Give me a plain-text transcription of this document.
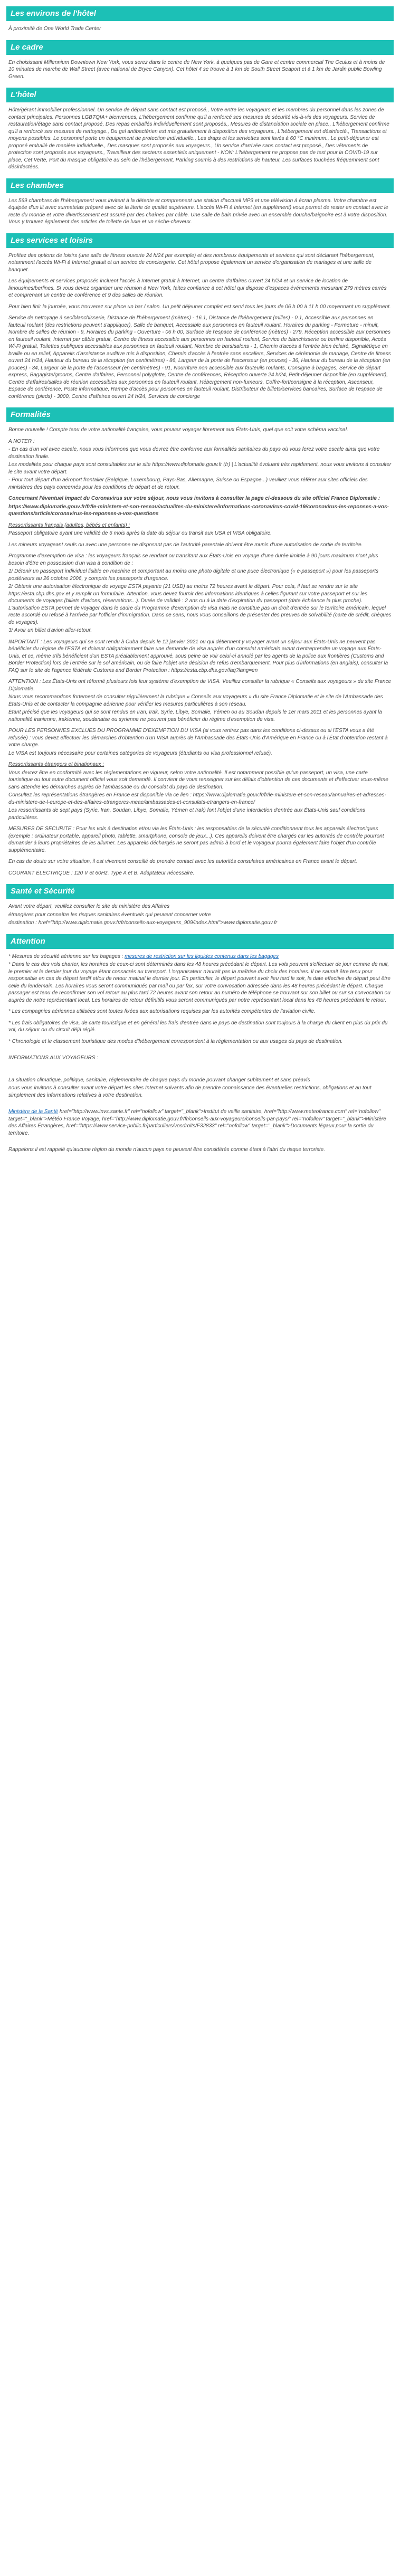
Les environs de l'hôtel

À proximité de One World Trade Center

Le cadre

En choisissant Millennium Downtown New York, vous serez dans le centre de New York, à quelques pas de Gare et centre commercial The Oculus et à moins de 10 minutes de marche de Wall Street (avec national de Bryce Canyon). Cet hôtel 4 se trouve à 1 km de South Street Seaport et à 1 km de Jardin public Bowling Green.

L'hôtel

Hôte/gérant immobilier professionnel. Un service de départ sans contact est proposé., Votre entre les voyageurs et les membres du personnel dans les zones de contact principales. Personnes LGBTQIA+ bienvenues, L'hébergement confirme qu'il a renforcé ses mesures de sécurité vis-à-vis des voyageurs. Service de restauration/étage sans contact proposé, Des repas emballés individuellement sont proposés., Mesures de distanciation sociale en place., L'hébergement confirme qu'il a renforcé ses mesures de nettoyage., Du gel antibactérien est mis gratuitement à disposition des voyageurs., L'hébergement est désinfecté., Transactions et moyens possibles. Le personnel porte un équipement de protection individuelle., Les draps et les serviettes sont lavés à 60 °C minimum., Le petit-déjeuner est proposé emballé de manière individuelle., Des masques sont proposés aux voyageurs., Un service d'arrivée sans contact est proposé., Des vêtements de protection sont proposés aux voyageurs., Travailleur des secteurs essentiels uniquement - NON: L'hébergement ne propose pas de test pour la COVID-19 sur place, Cet Verte, Port du masque obligatoire au sein de l'hébergement, Parking soumis à des restrictions de hauteur, Les surfaces touchées fréquemment sont désinfectées.

Les chambres

Les 569 chambres de l'hébergement vous invitent à la détente et comprennent une station d'accueil MP3 et une télévision à écran plasma. Votre chambre est équipée d'un lit avec surmatelas préparé avec de la literie de qualité supérieure. L'accès Wi-Fi à Internet (en supplément) vous permet de rester en contact avec le reste du monde et votre divertissement est assuré par des chaînes par câble. Une salle de bain privée avec un ensemble douche/baignoire est à votre disposition. Vous y trouvez également des articles de toilette de luxe et un sèche-cheveux.

Les services et loisirs

Profitez des options de loisirs (une salle de fitness ouverte 24 h/24 par exemple) et des nombreux équipements et services qui sont déclarant l'hébergement, notamment l'accès Wi-Fi à Internet gratuit et un service de conciergerie. Cet hôtel propose également un service d'organisation de mariages et une salle de banquet.

Les équipements et services proposés incluent l'accès à Internet gratuit à Internet, un centre d'affaires ouvert 24 h/24 et un service de location de limousines/berlines. Si vous devez organiser une réunion à New York, faites confiance à cet hôtel qui dispose d'espaces événements mesurant 279 mètres carrés et comprenant un centre de conférence et 9 des salles de réunion.

Pour bien finir la journée, vous trouverez sur place un bar / salon. Un petit déjeuner complet est servi tous les jours de 06 h 00 à 11 h 00 moyennant un supplément.

Service de nettoyage à sec/blanchisserie, Distance de l'hébergement (mètres) - 16.1, Distance de l'hébergement (milles) - 0.1, Accessible aux personnes en fauteuil roulant (des restrictions peuvent s'appliquer), Salle de banquet, Accessible aux personnes en fauteuil roulant, Horaires du parking - Fermeture - minuit, Nombre de salles de réunion - 9, Horaires du parking - Ouverture - 06 h 00, Surface de l'espace de conférence (mètres) - 279, Réception accessible aux personnes en fauteuil roulant, Internet par câble gratuit, Centre de fitness accessible aux personnes en fauteuil roulant, Service de blanchisserie ou berline disponible, Accès Wi-Fi gratuit, Toilettes publiques accessibles aux personnes en fauteuil roulant, Nombre de bars/salons - 1, Chemin d'accès à l'entrée bien éclairé, Signalétique en braille ou en relief, Appareils d'assistance auditive mis à disposition, Chemin d'accès à l'entrée sans escaliers, Services de cérémonie de mariage, Centre de fitness ouvert 24 h/24, Hauteur du bureau de la réception (en centimètres) - 86, Largeur de la porte de l'ascenseur (en pouces) - 36, Hauteur du bureau de la réception (en pouces) - 34, Largeur de la porte de l'ascenseur (en centimètres) - 91, Nourriture non accessible aux fauteuils roulants, Consigne à bagages, Service de départ express, Bagagiste/grooms, Centre d'affaires, Personnel polyglotte, Centre de conférences, Réception ouverte 24 h/24, Petit-déjeuner disponible (en supplément), Centre d'affaires/salles de réunion accessibles aux personnes en fauteuil roulant, Hébergement non-fumeurs, Coffre-fort/consigne à la réception, Ascenseur, Espace de conférence, Poste informatique, Rampe d'accès pour personnes en fauteuil roulant, Distributeur de billets/services bancaires, Surface de l'espace de conférence (pieds) - 3000, Centre d'affaires ouvert 24 h/24, Services de concierge

Formalités

Bonne nouvelle ! Compte tenu de votre nationalité française, vous pouvez voyager librement aux États-Unis, quel que soit votre schéma vaccinal.

A NOTER :

- En cas d'un vol avec escale, nous vous informons que vous devrez être conforme aux formalités sanitaires du pays où vous ferez votre escale ainsi que votre destination finale.

Les modalités pour chaque pays sont consultables sur le site https://www.diplomatie.gouv.fr (fr) | L'actualité évoluant très rapidement, nous vous invitons à consulter le site avant votre départ.

- Pour tout départ d'un aéroport frontalier (Belgique, Luxembourg, Pays-Bas, Allemagne, Suisse ou Espagne...) veuillez vous référer aux sites officiels des ministères des pays concernés pour les conditions de départ et de retour.

Concernant l'éventuel impact du Coronavirus sur votre séjour, nous vous invitons à consulter la page ci-dessous du site officiel France Diplomatie :

https://www.diplomatie.gouv.fr/fr/le-ministere-et-son-reseau/actualites-du-ministere/informations-coronavirus-covid-19/coronavirus-les-reponses-a-vos-questions/article/coronavirus-les-reponses-a-vos-questions

Ressortissants français (adultes, bébés et enfants) :

Passeport obligatoire ayant une validité de 6 mois après la date du séjour ou transit aux USA et VISA obligatoire.

Les mineurs voyageant seuls ou avec une personne ne disposant pas de l'autorité parentale doivent être munis d'une autorisation de sortie de territoire.

Programme d'exemption de visa : les voyageurs français se rendant ou transitant aux États-Unis en voyage d'une durée limitée à 90 jours maximum n'ont plus besoin d'être en possession d'un visa à condition de :

1/ Détenir un passeport individuel lisible en machine et comportant au moins une photo digitale et une puce électronique (« e-passeport ») pour les passeports postérieurs au 26 octobre 2006, y compris les passeports d'urgence.

2/ Obtenir une autorisation électronique de voyage ESTA payante (21 USD) au moins 72 heures avant le départ. Pour cela, il faut se rendre sur le site https://esta.cbp.dhs.gov et y remplir un formulaire. Attention, vous devez fournir des informations identiques à celles figurant sur votre passeport et sur les documents de voyages (billets d'avions, réservations...). Durée de validité : 2 ans ou à la date d'expiration du passeport (date échéance la plus proche). L'autorisation ESTA permet de voyager dans le cadre du Programme d'exemption de visa mais ne constitue pas un droit d'entrée sur le territoire américain, lequel reste accordé ou refusé à l'arrivée par l'officier d'immigration. Dans ce sens, nous vous conseillons de présenter des preuves de solvabilité (carte de crédit, chèques de voyages).

3/ Avoir un billet d'avion aller-retour.

IMPORTANT : Les voyageurs qui se sont rendu à Cuba depuis le 12 janvier 2021 ou qui détiennent y voyager avant un séjour aux États-Unis ne peuvent pas bénéficier du régime de l'ESTA et doivent obligatoirement faire une demande de visa auprès d'un consulat américain avant d'entreprendre un voyage aux États-Unis, et ce, même s'ils bénéficient d'un ESTA préalablement approuvé, sous peine de voir celui-ci annulé par les agents de la police aux frontières (Customs and Border Protection) lors de l'entrée sur le sol américain, ou de faire l'objet une décision de refus d'embarquement. Pour plus d'informations (en anglais), consulter la FAQ sur le site de l'agence fédérale Customs and Border Protection : https://esta.cbp.dhs.gov/faq?lang=en

ATTENTION : Les États-Unis ont réformé plusieurs fois leur système d'exemption de VISA. Veuillez consulter la rubrique « Conseils aux voyageurs » du site France Diplomatie.

Nous vous recommandons fortement de consulter régulièrement la rubrique « Conseils aux voyageurs » du site France Diplomatie et le site de l'Ambassade des États-Unis et de contacter la compagnie aérienne pour vérifier les mesures particulières à son réseau.

Étant précisé que les voyageurs qui se sont rendus en Iran, Irak, Syrie, Libye, Somalie, Yémen ou au Soudan depuis le 1er mars 2011 et les personnes ayant la nationalité iranienne, irakienne, soudanaise ou syrienne ne peuvent pas bénéficier du régime d'exemption de visa.

POUR LES PERSONNES EXCLUES DU PROGRAMME D'EXEMPTION DU VISA (si vous rentrez pas dans les conditions ci-dessus ou si l'ESTA vous a été refusée) : vous devez effectuer les démarches d'obtention d'un VISA auprès de l'Ambassade des États-Unis d'Amérique en France ou à l'État d'obtention restant à votre charge.

Le VISA est toujours nécessaire pour certaines catégories de voyageurs (étudiants ou visa professionnel refusé).

Ressortissants étrangers et binationaux :

Vous devrez être en conformité avec les réglementations en vigueur, selon votre nationalité. Il est notamment possible qu'un passeport, un visa, une carte touristique ou tout autre document officiel vous soit demandé. Il convient de vous renseigner sur les délais d'obtention de ces documents et d'effectuer vous-même sans attendre les démarches auprès de l'ambassade ou du consulat du pays de destination.

Consultez les représentations étrangères en France est disponible via ce lien : https://www.diplomatie.gouv.fr/fr/le-ministere-et-son-reseau/annuaires-et-adresses-du-ministere-de-l-europe-et-des-affaires-etrangeres-meae/ambassades-et-consulats-etrangers-en-france/

Les ressortissants de sept pays (Syrie, Iran, Soudan, Libye, Somalie, Yémen et Irak) font l'objet d'une interdiction d'entrée aux États-Unis sauf conditions particulières.

MESURES DE SECURITE : Pour les vols à destination et/ou via les États-Unis : les responsables de la sécurité conditionnent tous les appareils électroniques (exemple : ordinateur portable, appareil photo, tablette, smartphone, console de jeux...). Ces appareils doivent être chargés car les autorités de contrôle pourront demander à leurs propriétaires de les allumer. Les appareils déchargés ne seront pas admis à bord et le voyageur pourra également faire l'objet d'un contrôle supplémentaire.

En cas de doute sur votre situation, il est vivement conseillé de prendre contact avec les autorités consulaires américaines en France avant le départ.

COURANT ÉLECTRIQUE : 120 V et 60Hz. Type A et B. Adaptateur nécessaire.

Santé et Sécurité

Avant votre départ, veuillez consulter le site du ministère des Affaires

étrangères pour connaître les risques sanitaires éventuels qui peuvent concerner votre

destination : href="http://www.diplomatie.gouv.fr/fr/conseils-aux-voyageurs_909/index.html">www.diplomatie.gouv.fr

Attention

* Mesures de sécurité aérienne sur les bagages : mesures de restriction sur les liquides contenus dans les bagages

* Dans le cas des vols charter, les horaires de ceux-ci sont déterminés dans les 48 heures précédant le départ. Les vols peuvent s'effectuer de jour comme de nuit, le premier et le dernier jour du voyage étant consacrés au transport. L'organisateur n'aurait pas la maîtrise du choix des horaires. Il ne saurait être tenu pour responsable en cas de départ tardif et/ou de retour matinal le dernier jour. En particulier, le départ pouvant avoir lieu tard le soir, la date effective de départ peut être celle du lendemain. Les horaires vous seront communiqués par mail ou par fax, sur votre convocation adressée dans les 48 heures précédant le départ. Chaque passager est tenu de reconfirmer son vol retour au plus tard 72 heures avant son retour au numéro de téléphone se trouvant sur son billet ou sur sa convocation ou auprès de notre représentant local. Les horaires de retour définitifs vous seront communiqués par notre représentant local dans les 48 heures précédant le retour.

* Les compagnies aériennes utilisées sont toutes fixées aux autorisations requises par les autorités compétentes de l'aviation civile.

* Les frais obligatoires de visa, de carte touristique et en général les frais d'entrée dans le pays de destination sont toujours à la charge du client en plus du prix du vol, du séjour ou du circuit déjà réglé.

* Chronologie et le classement touristique des modes d'hébergement correspondent à la réglementation ou aux usages du pays de destination.

INFORMATIONS AUX VOYAGEURS :

La situation climatique, politique, sanitaire, réglementaire de chaque pays du monde pouvant changer subitement et sans préavis

nous vous invitons à consulter avant votre départ les sites Internet suivants afin de prendre connaissance des éventuelles restrictions, obligations et au tout simplement des informations relatives à votre destination.

Ministère de la Santé href="http://www.invs.sante.fr" rel="nofollow" target="_blank">Institut de veille sanitaire, href="http://www.meteofrance.com" rel="nofollow" target="_blank">Météo France Voyage, href="http://www.diplomatie.gouv.fr/fr/conseils-aux-voyageurs/conseils-par-pays/" rel="nofollow" target="_blank">Ministère des Affaires Étrangères, href="https://www.service-public.fr/particuliers/vosdroits/F32833" rel="nofollow" target="_blank">Documents légaux pour la sortie du territoire.

Rappelons il est rappelé qu'aucune région du monde n'aucun pays ne peuvent être considérés comme étant à l'abri du risque terroriste.
